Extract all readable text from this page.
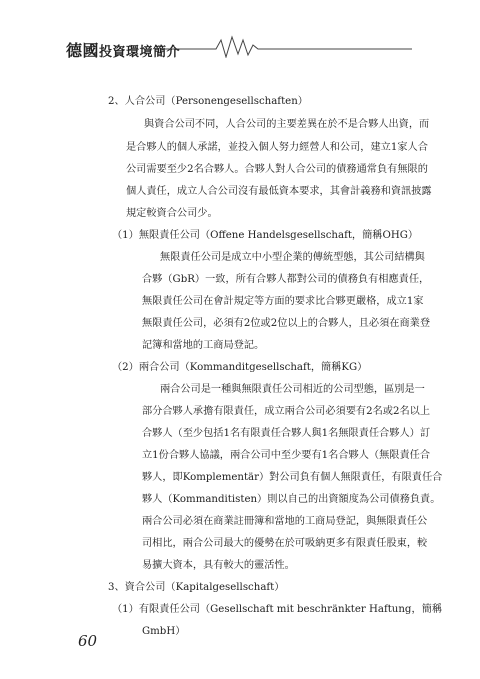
德國投資環境簡介
2、人合公司（Personengesellschaften）
與資合公司不同，人合公司的主要差異在於不是合夥人出資，而
是合夥人的個人承諾，並投入個人努力經營人和公司，建立1家人合
公司需要至少2名合夥人。合夥人對人合公司的債務通常負有無限的
個人責任，成立人合公司沒有最低資本要求，其會計義務和資訊披露
規定較資合公司少。
（1）無限責任公司（Offene Handelsgesellschaft，簡稱OHG）
無限責任公司是成立中小型企業的傳統型態，其公司結構與
合夥（GbR）一致，所有合夥人都對公司的債務負有相應責任，
無限責任公司在會計規定等方面的要求比合夥更嚴格，成立1家
無限責任公司，必須有2位或2位以上的合夥人，且必須在商業登
記簿和當地的工商局登記。
（2）兩合公司（Kommanditgesellschaft，簡稱KG）
兩合公司是一種與無限責任公司相近的公司型態，區別是一
部分合夥人承擔有限責任，成立兩合公司必須要有2名或2名以上
合夥人（至少包括1名有限責任合夥人與1名無限責任合夥人）訂
立1份合夥人協議，兩合公司中至少要有1名合夥人（無限責任合
夥人，即Komplementär）對公司負有個人無限責任，有限責任合
夥人（Kommanditisten）則以自己的出資額度為公司債務負責。
兩合公司必須在商業註冊簿和當地的工商局登記，與無限責任公
司相比，兩合公司最大的優勢在於可吸納更多有限責任股東，較
易擴大資本，具有較大的靈活性。
3、資合公司（Kapitalgesellschaft）
（1）有限責任公司（Gesellschaft mit beschränkter Haftung，簡稱
GmbH）
60
